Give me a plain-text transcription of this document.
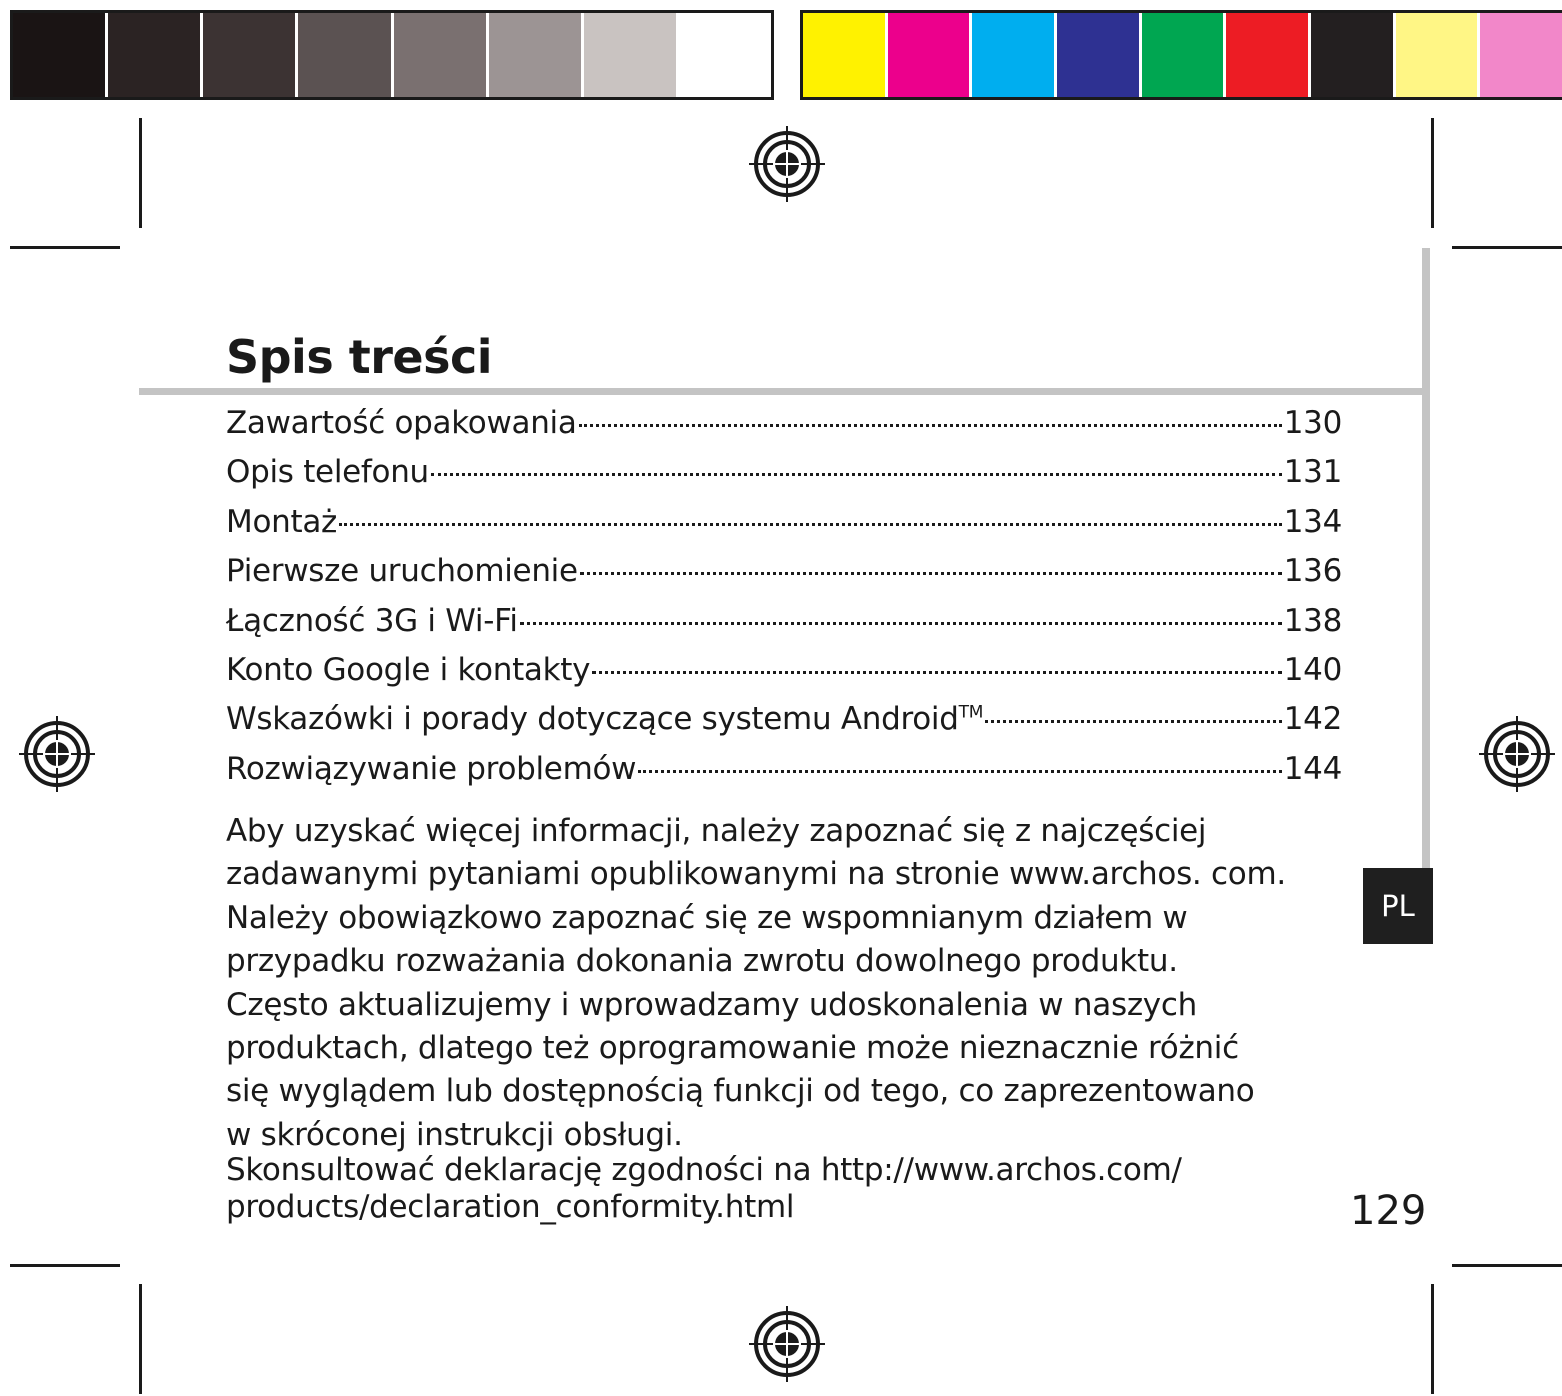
Spis treści
Zawartość opakowania	130
Opis telefonu	131
Montaż	134
Pierwsze uruchomienie	136
Łączność 3G i Wi-Fi	138
Konto Google i kontakty	140
Wskazówki i porady dotyczące systemu Android™	142
Rozwiązywanie problemów	144

Aby uzyskać więcej informacji, należy zapoznać się z najczęściej zadawanymi pytaniami opublikowanymi na stronie www.archos. com. Należy obowiązkowo zapoznać się ze wspomnianym działem w przypadku rozważania dokonania zwrotu dowolnego produktu. Często aktualizujemy i wprowadzamy udoskonalenia w naszych produktach, dlatego też oprogramowanie może nieznacznie różnić się wyglądem lub dostępnością funkcji od tego, co zaprezentowano w skróconej instrukcji obsługi.

Skonsultować deklarację zgodności na http://www.archos.com/
products/declaration_conformity.html

PL

129
